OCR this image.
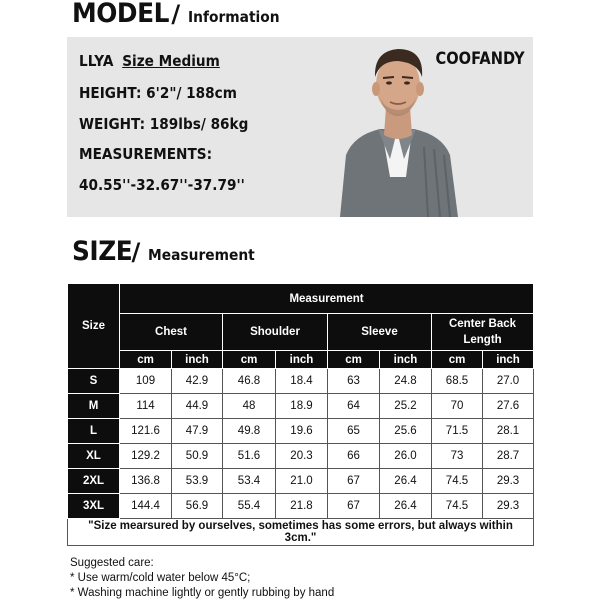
MODEL / Information
LLYA Size Medium
HEIGHT: 6'2"/ 188cm
WEIGHT: 189lbs/ 86kg
MEASUREMENTS:
40.55''-32.67''-37.79''
COOFANDY
SIZE / Measurement
Size	Measurement							
	Chest		Shoulder		Sleeve		Center Back Length	
	cm	inch	cm	inch	cm	inch	cm	inch
S	109	42.9	46.8	18.4	63	24.8	68.5	27.0
M	114	44.9	48	18.9	64	25.2	70	27.6
L	121.6	47.9	49.8	19.6	65	25.6	71.5	28.1
XL	129.2	50.9	51.6	20.3	66	26.0	73	28.7
2XL	136.8	53.9	53.4	21.0	67	26.4	74.5	29.3
3XL	144.4	56.9	55.4	21.8	67	26.4	74.5	29.3
"Size mearsured by ourselves, sometimes has some errors, but always within 3cm."								
Suggested care:
* Use warm/cold water below 45°C;
* Washing machine lightly or gently rubbing by hand
